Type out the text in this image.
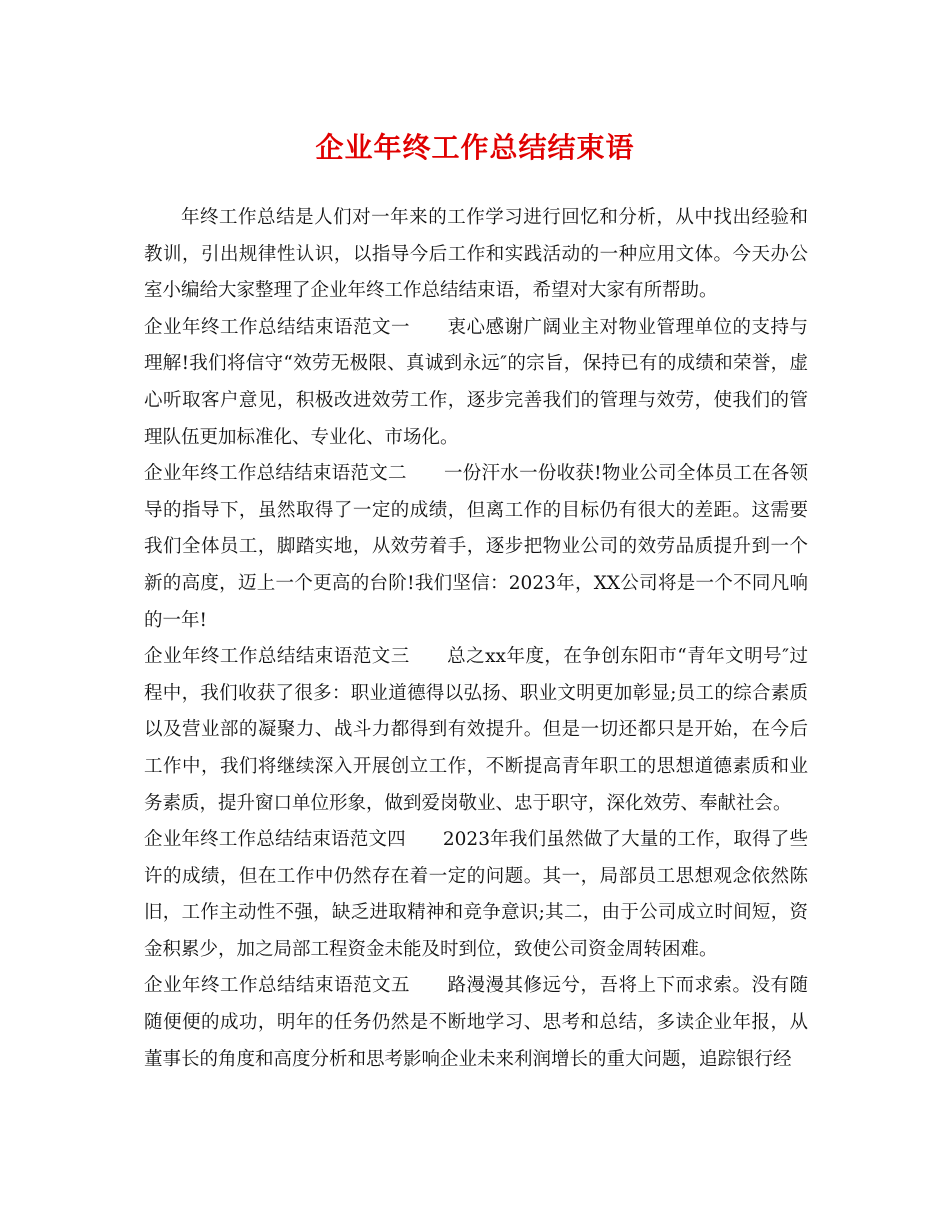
企业年终工作总结结束语

年终工作总结是人们对一年来的工作学习进行回忆和分析，从中找出经验和教训，引出规律性认识，以指导今后工作和实践活动的一种应用文体。今天办公室小编给大家整理了企业年终工作总结结束语，希望对大家有所帮助。

企业年终工作总结结束语范文一 衷心感谢广阔业主对物业管理单位的支持与理解!我们将信守“效劳无极限、真诚到永远″的宗旨，保持已有的成绩和荣誉，虚心听取客户意见，积极改进效劳工作，逐步完善我们的管理与效劳，使我们的管理队伍更加标准化、专业化、市场化。

企业年终工作总结结束语范文二 一份汗水一份收获!物业公司全体员工在各领导的指导下，虽然取得了一定的成绩，但离工作的目标仍有很大的差距。这需要我们全体员工，脚踏实地，从效劳着手，逐步把物业公司的效劳品质提升到一个新的高度，迈上一个更高的台阶!我们坚信：2023年，XX公司将是一个不同凡响的一年!

企业年终工作总结结束语范文三 总之xx年度，在争创东阳市“青年文明号″过程中，我们收获了很多：职业道德得以弘扬、职业文明更加彰显;员工的综合素质以及营业部的凝聚力、战斗力都得到有效提升。但是一切还都只是开始，在今后工作中，我们将继续深入开展创立工作，不断提高青年职工的思想道德素质和业务素质，提升窗口单位形象，做到爱岗敬业、忠于职守，深化效劳、奉献社会。

企业年终工作总结结束语范文四 2023年我们虽然做了大量的工作，取得了些许的成绩，但在工作中仍然存在着一定的问题。其一，局部员工思想观念依然陈旧，工作主动性不强，缺乏进取精神和竞争意识;其二，由于公司成立时间短，资金积累少，加之局部工程资金未能及时到位，致使公司资金周转困难。

企业年终工作总结结束语范文五 路漫漫其修远兮，吾将上下而求索。没有随随便便的成功，明年的任务仍然是不断地学习、思考和总结，多读企业年报，从董事长的角度和高度分析和思考影响企业未来利润增长的重大问题，追踪银行经
